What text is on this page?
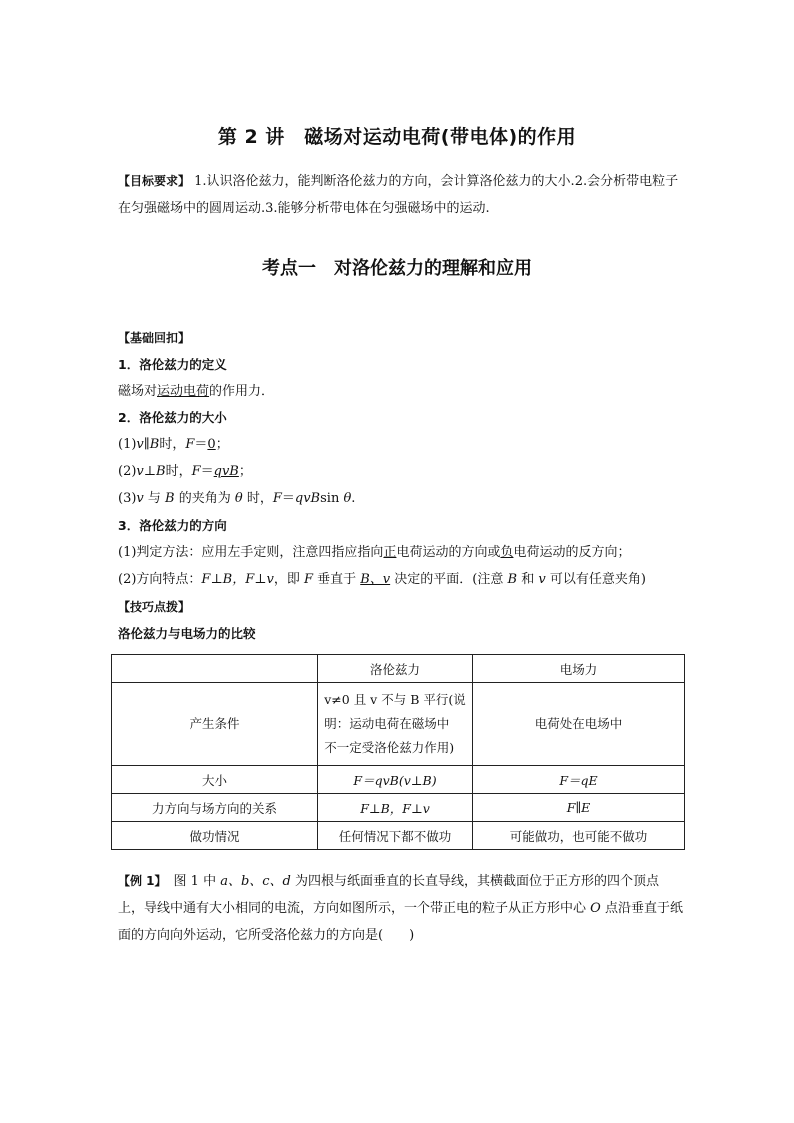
第 2 讲　磁场对运动电荷(带电体)的作用
【目标要求】 1.认识洛伦兹力，能判断洛伦兹力的方向，会计算洛伦兹力的大小.2.会分析带电粒子在匀强磁场中的圆周运动.3.能够分析带电体在匀强磁场中的运动.
考点一　对洛伦兹力的理解和应用
【基础回扣】
1．洛伦兹力的定义
磁场对运动电荷的作用力．
2．洛伦兹力的大小
(1)v∥B时，F＝0；
(2)v⊥B时，F＝qvB；
(3)v 与 B 的夹角为 θ 时，F＝qvBsin θ.
3．洛伦兹力的方向
(1)判定方法：应用左手定则，注意四指应指向正电荷运动的方向或负电荷运动的反方向；
(2)方向特点：F⊥B，F⊥v，即 F 垂直于 B、v 决定的平面．(注意 B 和 v 可以有任意夹角)
【技巧点拨】
洛伦兹力与电场力的比较
	洛伦兹力	电场力
产生条件	v≠0 且 v 不与 B 平行(说
明：运动电荷在磁场中
不一定受洛伦兹力作用)	电荷处在电场中
大小	F＝qvB(v⊥B)	F＝qE
力方向与场方向的关系	F⊥B，F⊥v	F∥E
做功情况	任何情况下都不做功	可能做功，也可能不做功
【例 1】　图 1 中 a、b、c、d 为四根与纸面垂直的长直导线，其横截面位于正方形的四个顶点上，导线中通有大小相同的电流，方向如图所示，一个带正电的粒子从正方形中心 O 点沿垂直于纸面的方向向外运动，它所受洛伦兹力的方向是(　　)
